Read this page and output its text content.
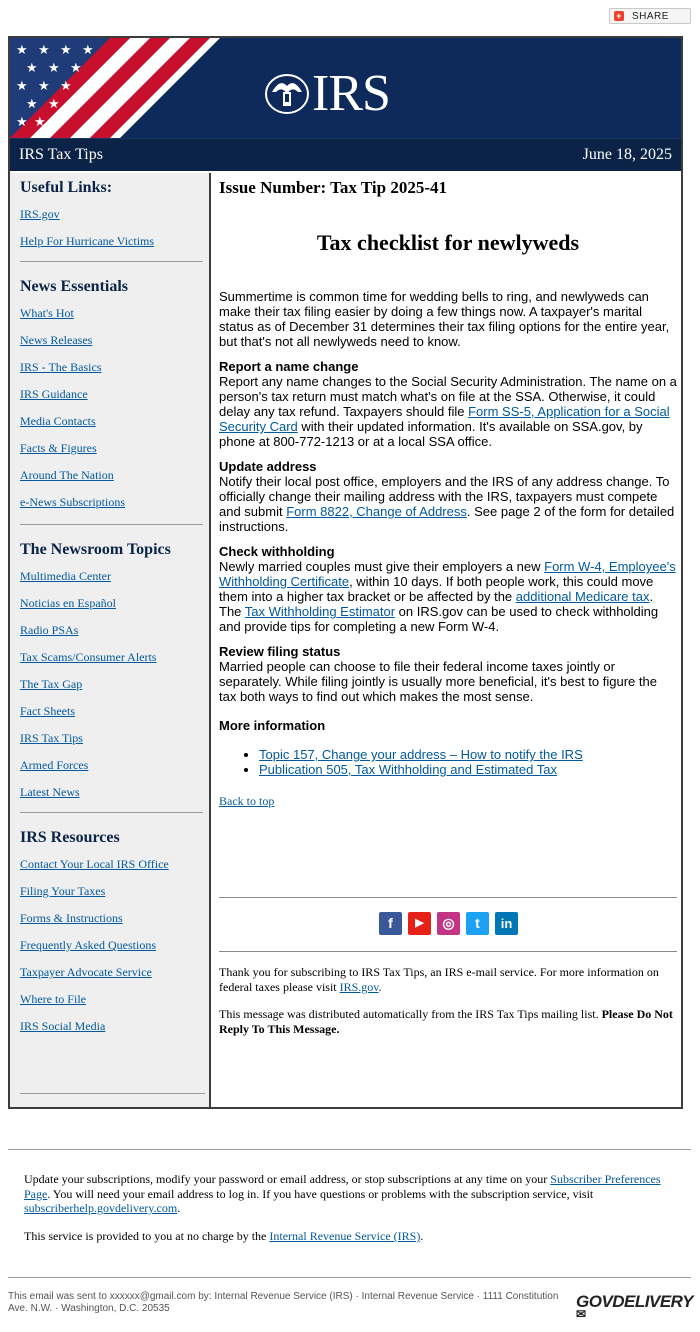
+ SHARE
★ ★ ★ ★
★ ★ ★
★ ★ ★
★ ★
★ ★
IRS
IRS Tax Tips	June 18, 2025
Useful Links:
IRS.gov
Help For Hurricane Victims
News Essentials
What's Hot
News Releases
IRS - The Basics
IRS Guidance
Media Contacts
Facts & Figures
Around The Nation
e-News Subscriptions
The Newsroom Topics
Multimedia Center
Noticias en Español
Radio PSAs
Tax Scams/Consumer Alerts
The Tax Gap
Fact Sheets
IRS Tax Tips
Armed Forces
Latest News
IRS Resources
Contact Your Local IRS Office
Filing Your Taxes
Forms & Instructions
Frequently Asked Questions
Taxpayer Advocate Service
Where to File
IRS Social Media
Issue Number: Tax Tip 2025-41
Tax checklist for newlyweds

Summertime is common time for wedding bells to ring, and newlyweds can make their tax filing easier by doing a few things now. A taxpayer's marital status as of December 31 determines their tax filing options for the entire year, but that's not all newlyweds need to know.

Report a name change
Report any name changes to the Social Security Administration. The name on a person's tax return must match what's on file at the SSA. Otherwise, it could delay any tax refund. Taxpayers should file Form SS-5, Application for a Social Security Card with their updated information. It's available on SSA.gov, by phone at 800-772-1213 or at a local SSA office.

Update address
Notify their local post office, employers and the IRS of any address change. To officially change their mailing address with the IRS, taxpayers must compete and submit Form 8822, Change of Address. See page 2 of the form for detailed instructions.

Check withholding
Newly married couples must give their employers a new Form W-4, Employee's Withholding Certificate, within 10 days. If both people work, this could move them into a higher tax bracket or be affected by the additional Medicare tax. The Tax Withholding Estimator on IRS.gov can be used to check withholding and provide tips for completing a new Form W-4.

Review filing status
Married people can choose to file their federal income taxes jointly or separately. While filing jointly is usually more beneficial, it's best to figure the tax both ways to find out which makes the most sense.

More information
• Topic 157, Change your address – How to notify the IRS
• Publication 505, Tax Withholding and Estimated Tax
Back to top
f	▶	◎	t	in
Thank you for subscribing to IRS Tax Tips, an IRS e-mail service. For more information on federal taxes please visit IRS.gov.
This message was distributed automatically from the IRS Tax Tips mailing list. Please Do Not Reply To This Message.
Update your subscriptions, modify your password or email address, or stop subscriptions at any time on your Subscriber Preferences Page. You will need your email address to log in. If you have questions or problems with the subscription service, visit subscriberhelp.govdelivery.com.
This service is provided to you at no charge by the Internal Revenue Service (IRS).
This email was sent to xxxxxx@gmail.com by: Internal Revenue Service (IRS) · Internal Revenue Service · 1111 Constitution Ave. N.W. · Washington, D.C. 20535	GOVDELIVERY ✉
